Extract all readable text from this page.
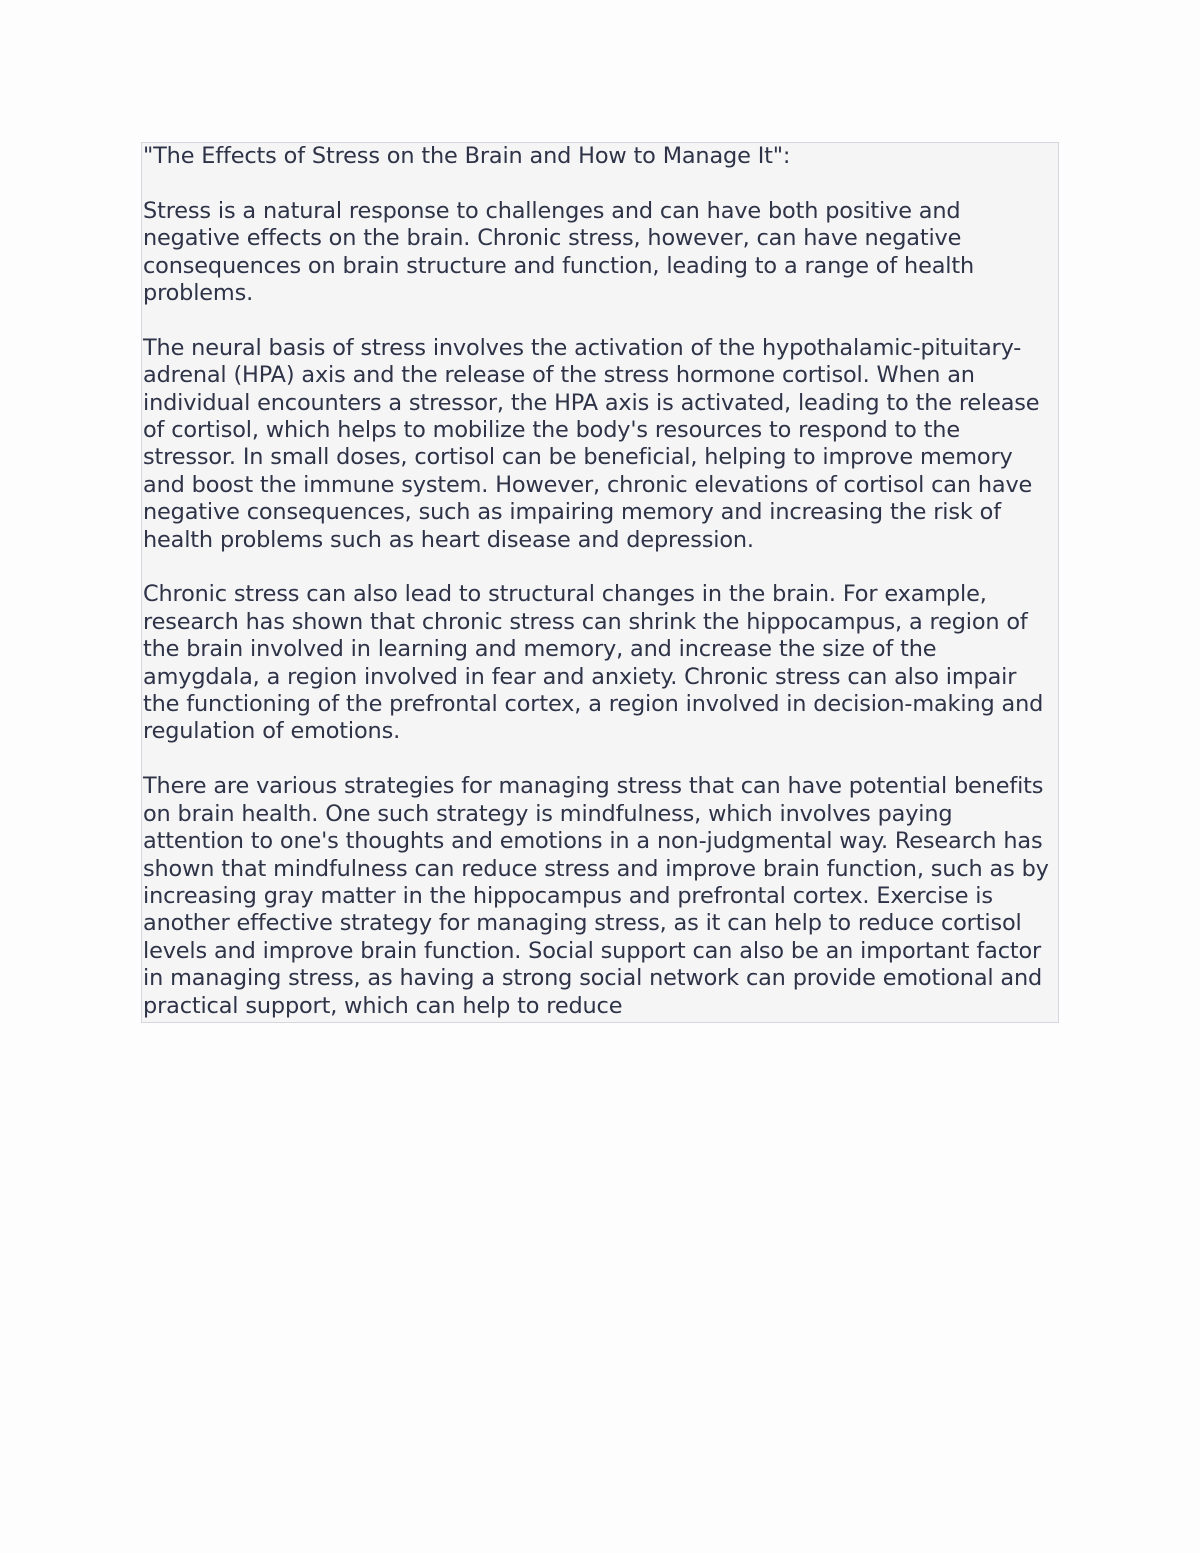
"The Effects of Stress on the Brain and How to Manage It":

Stress is a natural response to challenges and can have both positive and negative effects on the brain. Chronic stress, however, can have negative consequences on brain structure and function, leading to a range of health problems.

The neural basis of stress involves the activation of the hypothalamic-pituitary-adrenal (HPA) axis and the release of the stress hormone cortisol. When an individual encounters a stressor, the HPA axis is activated, leading to the release of cortisol, which helps to mobilize the body's resources to respond to the stressor. In small doses, cortisol can be beneficial, helping to improve memory and boost the immune system. However, chronic elevations of cortisol can have negative consequences, such as impairing memory and increasing the risk of health problems such as heart disease and depression.

Chronic stress can also lead to structural changes in the brain. For example, research has shown that chronic stress can shrink the hippocampus, a region of the brain involved in learning and memory, and increase the size of the amygdala, a region involved in fear and anxiety. Chronic stress can also impair the functioning of the prefrontal cortex, a region involved in decision-making and regulation of emotions.

There are various strategies for managing stress that can have potential benefits on brain health. One such strategy is mindfulness, which involves paying attention to one's thoughts and emotions in a non-judgmental way. Research has shown that mindfulness can reduce stress and improve brain function, such as by increasing gray matter in the hippocampus and prefrontal cortex. Exercise is another effective strategy for managing stress, as it can help to reduce cortisol levels and improve brain function. Social support can also be an important factor in managing stress, as having a strong social network can provide emotional and practical support, which can help to reduce
